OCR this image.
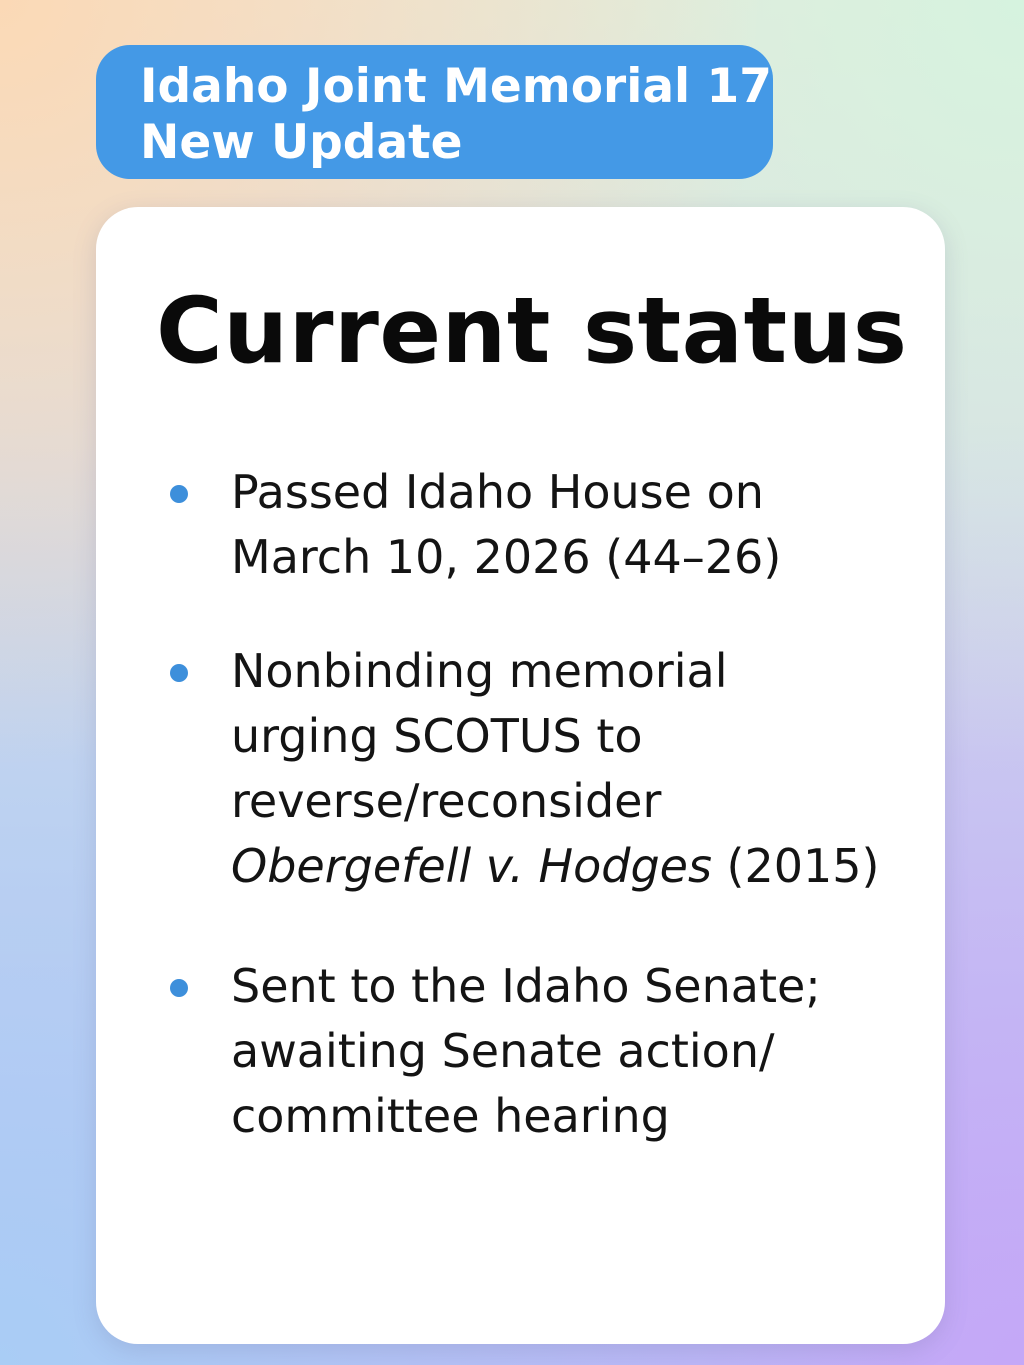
Idaho Joint Memorial 17
New Update
Current status
Passed Idaho House on
March 10, 2026 (44–26)
Nonbinding memorial
urging SCOTUS to
reverse/reconsider
Obergefell v. Hodges (2015)
Sent to the Idaho Senate;
awaiting Senate action/
committee hearing
